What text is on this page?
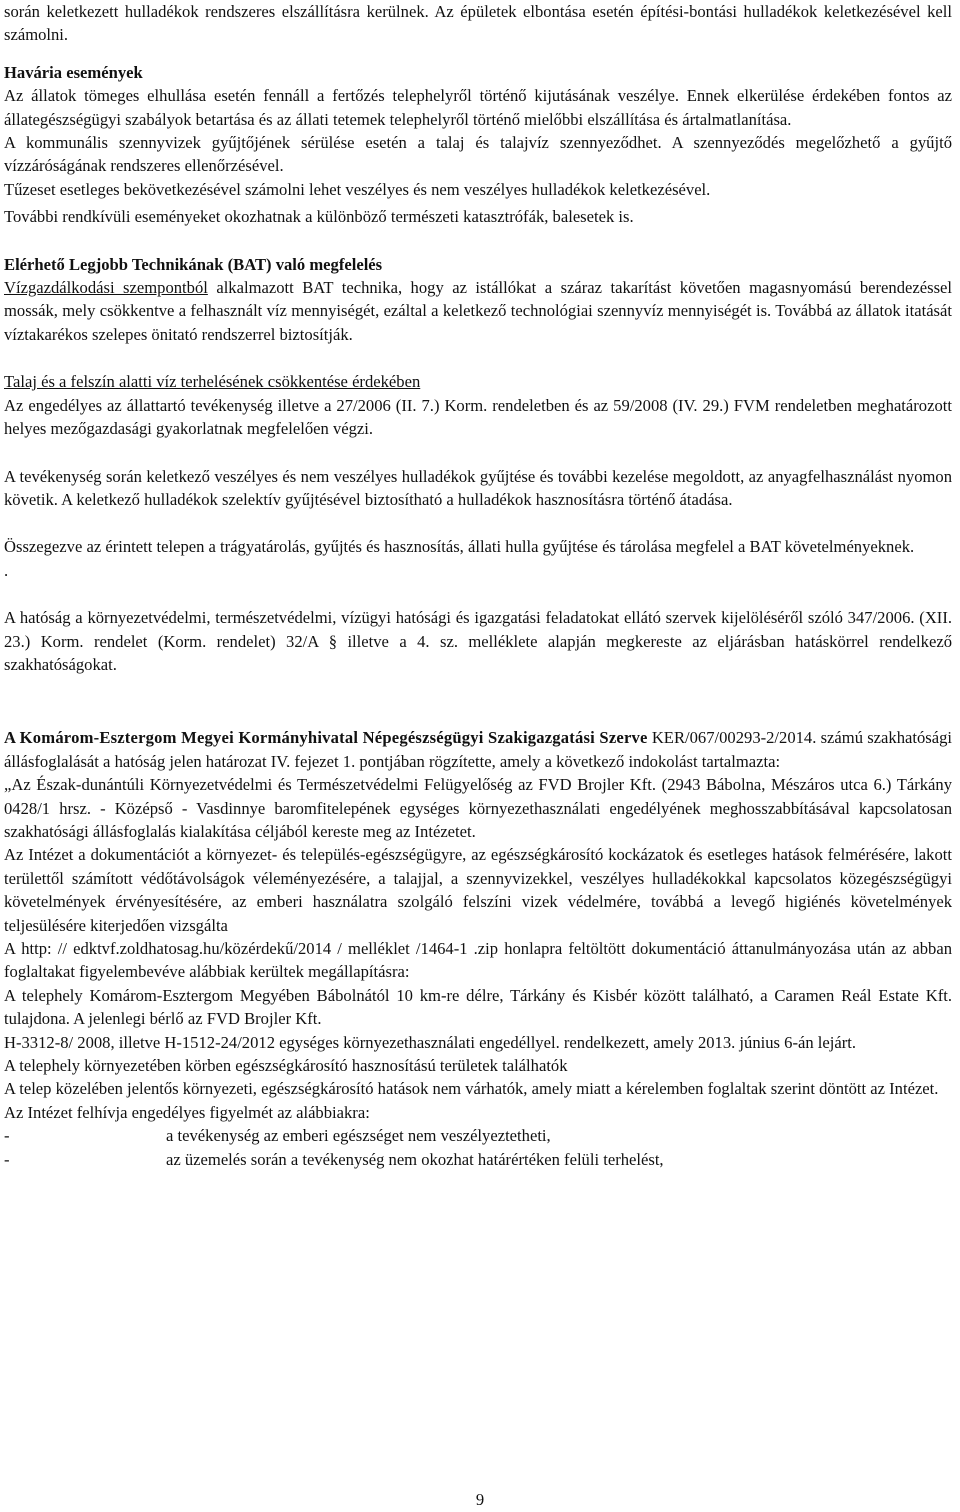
során keletkezett hulladékok rendszeres elszállításra kerülnek. Az épületek elbontása esetén építési-bontási hulladékok keletkezésével kell számolni.

Havária események

Az állatok tömeges elhullása esetén fennáll a fertőzés telephelyről történő kijutásának veszélye. Ennek elkerülése érdekében fontos az állategészségügyi szabályok betartása és az állati tetemek telephelyről történő mielőbbi elszállítása és ártalmatlanítása.

A kommunális szennyvizek gyűjtőjének sérülése esetén a talaj és talajvíz szennyeződhet. A szennyeződés megelőzhető a gyűjtő vízzáróságának rendszeres ellenőrzésével.

Tűzeset esetleges bekövetkezésével számolni lehet veszélyes és nem veszélyes hulladékok keletkezésével.

További rendkívüli eseményeket okozhatnak a különböző természeti katasztrófák, balesetek is.

Elérhető Legjobb Technikának (BAT) való megfelelés

Vízgazdálkodási szempontból alkalmazott BAT technika, hogy az istállókat a száraz takarítást követően magasnyomású berendezéssel mossák, mely csökkentve a felhasznált víz mennyiségét, ezáltal a keletkező technológiai szennyvíz mennyiségét is. Továbbá az állatok itatását víztakarékos szelepes önitató rendszerrel biztosítják.

Talaj és a felszín alatti víz terhelésének csökkentése érdekében

Az engedélyes az állattartó tevékenység illetve a 27/2006 (II. 7.) Korm. rendeletben és az 59/2008 (IV. 29.) FVM rendeletben meghatározott helyes mezőgazdasági gyakorlatnak megfelelően végzi.

A tevékenység során keletkező veszélyes és nem veszélyes hulladékok gyűjtése és további kezelése megoldott, az anyagfelhasználást nyomon követik. A keletkező hulladékok szelektív gyűjtésével biztosítható a hulladékok hasznosításra történő átadása.

Összegezve az érintett telepen a trágyatárolás, gyűjtés és hasznosítás, állati hulla gyűjtése és tárolása megfelel a BAT követelményeknek.

.

A hatóság a környezetvédelmi, természetvédelmi, vízügyi hatósági és igazgatási feladatokat ellátó szervek kijelöléséről szóló 347/2006. (XII. 23.) Korm. rendelet (Korm. rendelet) 32/A § illetve a 4. sz. melléklete alapján megkereste az eljárásban hatáskörrel rendelkező szakhatóságokat.

A Komárom-Esztergom Megyei Kormányhivatal Népegészségügyi Szakigazgatási Szerve KER/067/00293-2/2014. számú szakhatósági állásfoglalását a hatóság jelen határozat IV. fejezet 1. pontjában rögzítette, amely a következő indokolást tartalmazta:

„Az Észak-dunántúli Környezetvédelmi és Természetvédelmi Felügyelőség az FVD Brojler Kft. (2943 Bábolna, Mészáros utca 6.) Tárkány 0428/1 hrsz. - Középső - Vasdinnye baromfitelepének egységes környezethasználati engedélyének meghosszabbításával kapcsolatosan szakhatósági állásfoglalás kialakítása céljából kereste meg az Intézetet.

Az Intézet a dokumentációt a környezet- és település-egészségügyre, az egészségkárosító kockázatok és esetleges hatások felmérésére, lakott területtől számított védőtávolságok véleményezésére, a talajjal, a szennyvizekkel, veszélyes hulladékokkal kapcsolatos közegészségügyi követelmények érvényesítésére, az emberi használatra szolgáló felszíni vizek védelmére, továbbá a levegő higiénés követelmények teljesülésére kiterjedően vizsgálta

A http: // edktvf.zoldhatosag.hu/közérdekű/2014 / melléklet /1464-1 .zip honlapra feltöltött dokumentáció áttanulmányozása után az abban foglaltakat figyelembevéve alábbiak kerültek megállapításra:

A telephely Komárom-Esztergom Megyében Bábolnától 10 km-re délre, Tárkány és Kisbér között található, a Caramen Reál Estate Kft. tulajdona. A jelenlegi bérlő az FVD Brojler Kft.

H-3312-8/ 2008, illetve H-1512-24/2012 egységes környezethasználati engedéllyel. rendelkezett, amely 2013. június 6-án lejárt.

A telephely környezetében körben egészségkárosító hasznosítású területek találhatók

A telep közelében jelentős környezeti, egészségkárosító hatások nem várhatók, amely miatt a kérelemben foglaltak szerint döntött az Intézet.

Az Intézet felhívja engedélyes figyelmét az alábbiakra:

-	a tevékenység az emberi egészséget nem veszélyeztetheti,
-	az üzemelés során a tevékenység nem okozhat határértéken felüli terhelést,
9
